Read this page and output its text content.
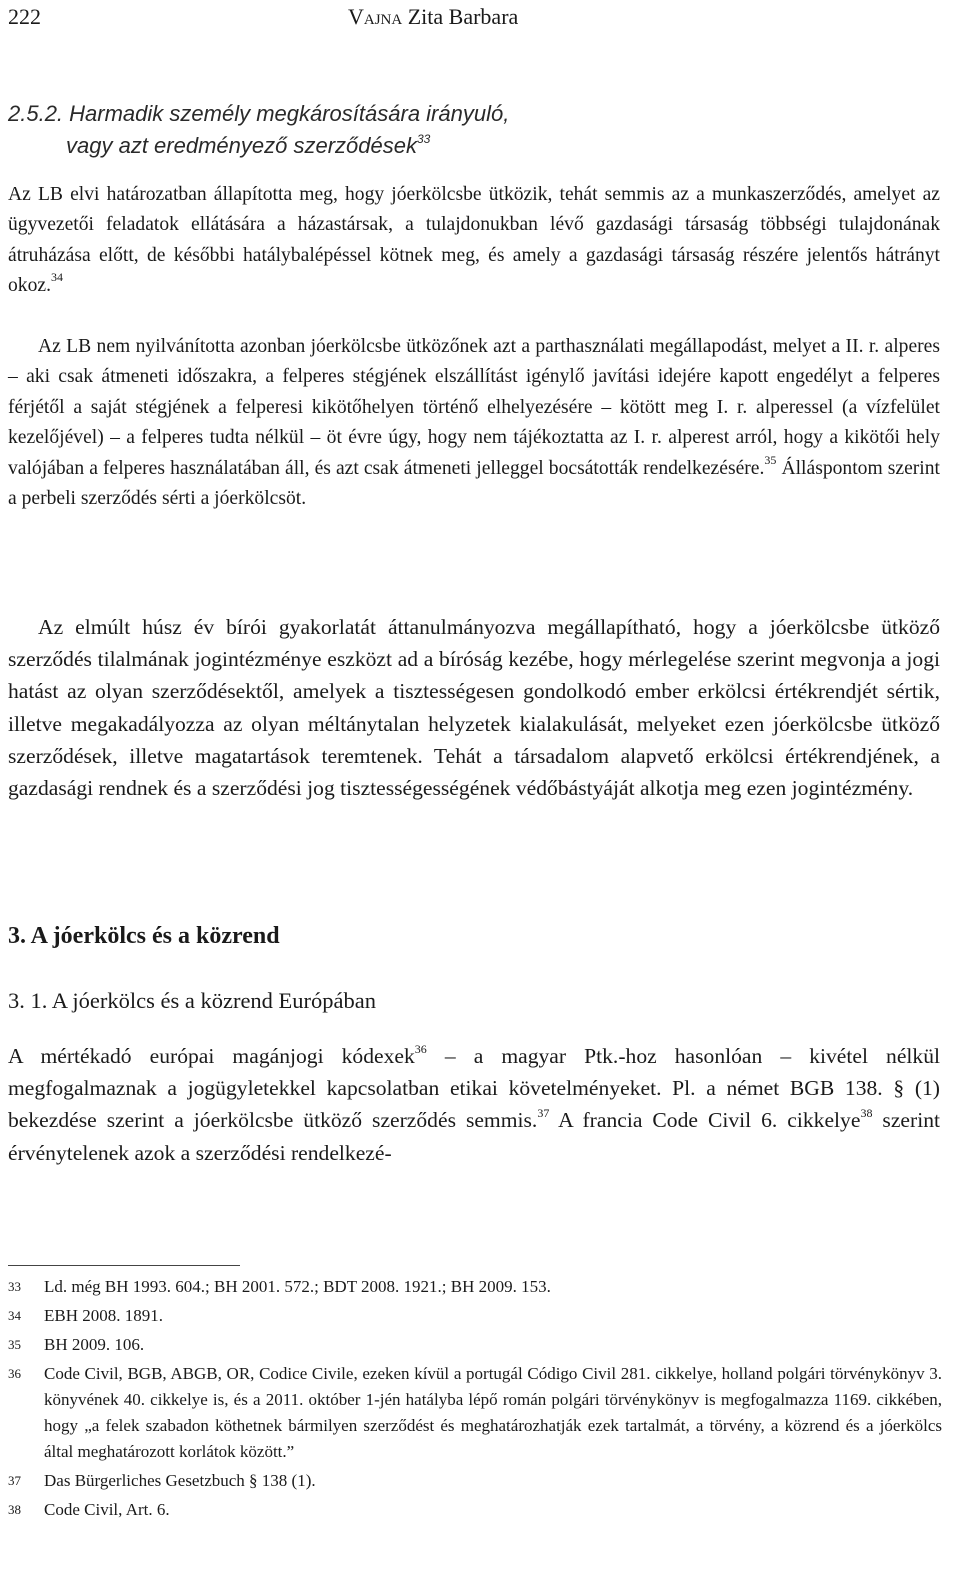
222	Vajna Zita Barbara
2.5.2. Harmadik személy megkárosítására irányuló,
vagy azt eredményező szerződések$^{33}$

Az LB elvi határozatban állapította meg, hogy jóerkölcsbe ütközik, tehát semmis az a munkaszerződés, amelyet az ügyvezetői feladatok ellátására a házastársak, a tulajdonukban lévő gazdasági társaság többségi tulajdonának átruházása előtt, de későbbi hatálybalépéssel kötnek meg, és amely a gazdasági társaság részére jelentős hátrányt okoz.$^{34}$

Az LB nem nyilvánította azonban jóerkölcsbe ütközőnek azt a parthasználati megállapodást, melyet a II. r. alperes – aki csak átmeneti időszakra, a felperes stégjének elszállítást igénylő javítási idejére kapott engedélyt a felperes férjétől a saját stégjének a felperesi kikötőhelyen történő elhelyezésére – kötött meg I. r. alperessel (a vízfelület kezelőjével) – a felperes tudta nélkül – öt évre úgy, hogy nem tájékoztatta az I. r. alperest arról, hogy a kikötői hely valójában a felperes használatában áll, és azt csak átmeneti jelleggel bocsátották rendelkezésére.$^{35}$ Álláspontom szerint a perbeli szerződés sérti a jóerkölcsöt.

Az elmúlt húsz év bírói gyakorlatát áttanulmányozva megállapítható, hogy a jóerkölcsbe ütköző szerződés tilalmának jogintézménye eszközt ad a bíróság kezébe, hogy mérlegelése szerint megvonja a jogi hatást az olyan szerződésektől, amelyek a tisztességesen gondolkodó ember erkölcsi értékrendjét sértik, illetve megakadályozza az olyan méltánytalan helyzetek kialakulását, melyeket ezen jóerkölcsbe ütköző szerződések, illetve magatartások teremtenek. Tehát a társadalom alapvető erkölcsi értékrendjének, a gazdasági rendnek és a szerződési jog tisztességességének védőbástyáját alkotja meg ezen jogintézmény.

3. A jóerkölcs és a közrend
3. 1. A jóerkölcs és a közrend Európában

A mértékadó európai magánjogi kódexek$^{36}$ – a magyar Ptk.-hoz hasonlóan – kivétel nélkül megfogalmaznak a jogügyletekkel kapcsolatban etikai követelményeket. Pl. a német BGB 138. § (1) bekezdése szerint a jóerkölcsbe ütköző szerződés semmis.$^{37}$ A francia Code Civil 6. cikkelye$^{38}$ szerint érvénytelenek azok a szerződési rendelkezé-

33 Ld. még BH 1993. 604.; BH 2001. 572.; BDT 2008. 1921.; BH 2009. 153.
34 EBH 2008. 1891.
35 BH 2009. 106.
36 Code Civil, BGB, ABGB, OR, Codice Civile, ezeken kívül a portugál Código Civil 281. cikkelye, holland polgári törvénykönyv 3. könyvének 40. cikkelye is, és a 2011. október 1-jén hatályba lépő román polgári törvénykönyv is megfogalmazza 1169. cikkében, hogy „a felek szabadon köthetnek bármilyen szerződést és meghatározhatják ezek tartalmát, a törvény, a közrend és a jóerkölcs által meghatározott korlátok között.”
37 Das Bürgerliches Gesetzbuch § 138 (1).
38 Code Civil, Art. 6.
